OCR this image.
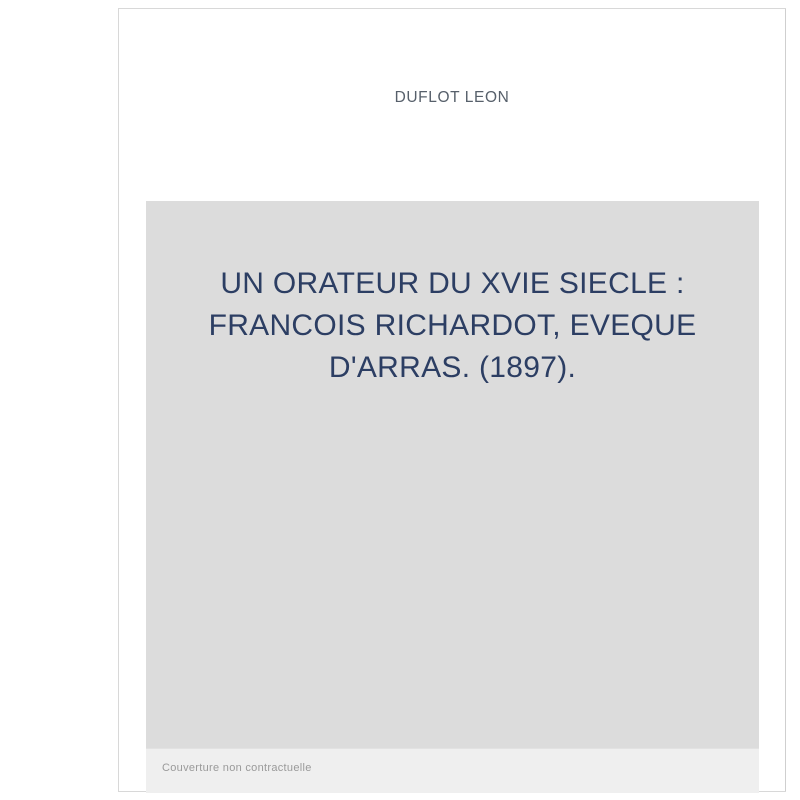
DUFLOT LEON
UN ORATEUR DU XVIE SIECLE : FRANCOIS RICHARDOT, EVEQUE D'ARRAS. (1897).
Couverture non contractuelle
